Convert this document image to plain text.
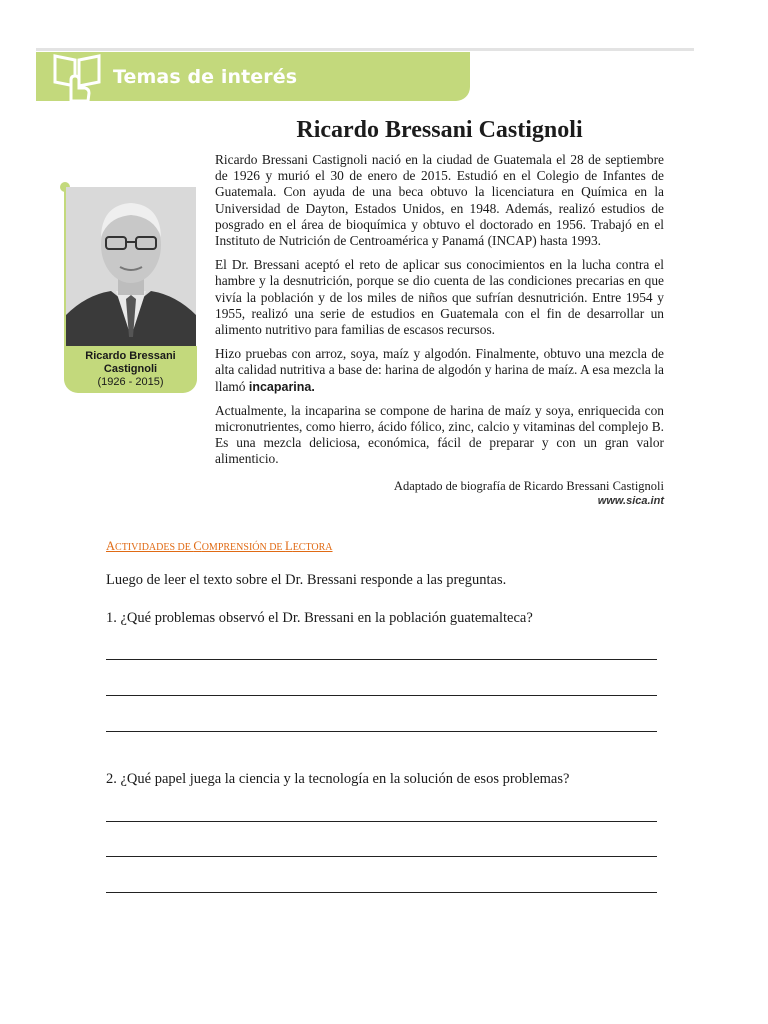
Temas de interés
Ricardo Bressani Castignoli

Ricardo Bressani Castignoli nació en la ciudad de Guatemala el 28 de septiembre de 1926 y murió el 30 de enero de 2015. Estudió en el Colegio de Infantes de Guatemala. Con ayuda de una beca obtuvo la licenciatura en Química en la Universidad de Dayton, Estados Unidos, en 1948. Además, realizó estudios de posgrado en el área de bioquímica y obtuvo el doctorado en 1956. Trabajó en el Instituto de Nutrición de Centroamérica y Panamá (INCAP) hasta 1993.

El Dr. Bressani aceptó el reto de aplicar sus conocimientos en la lucha contra el hambre y la desnutrición, porque se dio cuenta de las condiciones precarias en que vivía la población y de los miles de niños que sufrían desnutrición. Entre 1954 y 1955, realizó una serie de estudios en Guatemala con el fin de desarrollar un alimento nutritivo para familias de escasos recursos.

Hizo pruebas con arroz, soya, maíz y algodón. Finalmente, obtuvo una mezcla de alta calidad nutritiva a base de: harina de algodón y harina de maíz. A esa mezcla la llamó incaparina.

Actualmente, la incaparina se compone de harina de maíz y soya, enriquecida con micronutrientes, como hierro, ácido fólico, zinc, calcio y vitaminas del complejo B. Es una mezcla deliciosa, económica, fácil de preparar y con un gran valor alimenticio.

Adaptado de biografía de Ricardo Bressani Castignoli
www.sica.int
Ricardo Bressani
Castignoli
(1926 - 2015)
ACTIVIDADES DE COMPRENSIÓN DE LECTORA
Luego de leer el texto sobre el Dr. Bressani responde a las preguntas.
1. ¿Qué problemas observó el Dr. Bressani en la población guatemalteca?
2. ¿Qué papel juega la ciencia y la tecnología en la solución de esos problemas?
